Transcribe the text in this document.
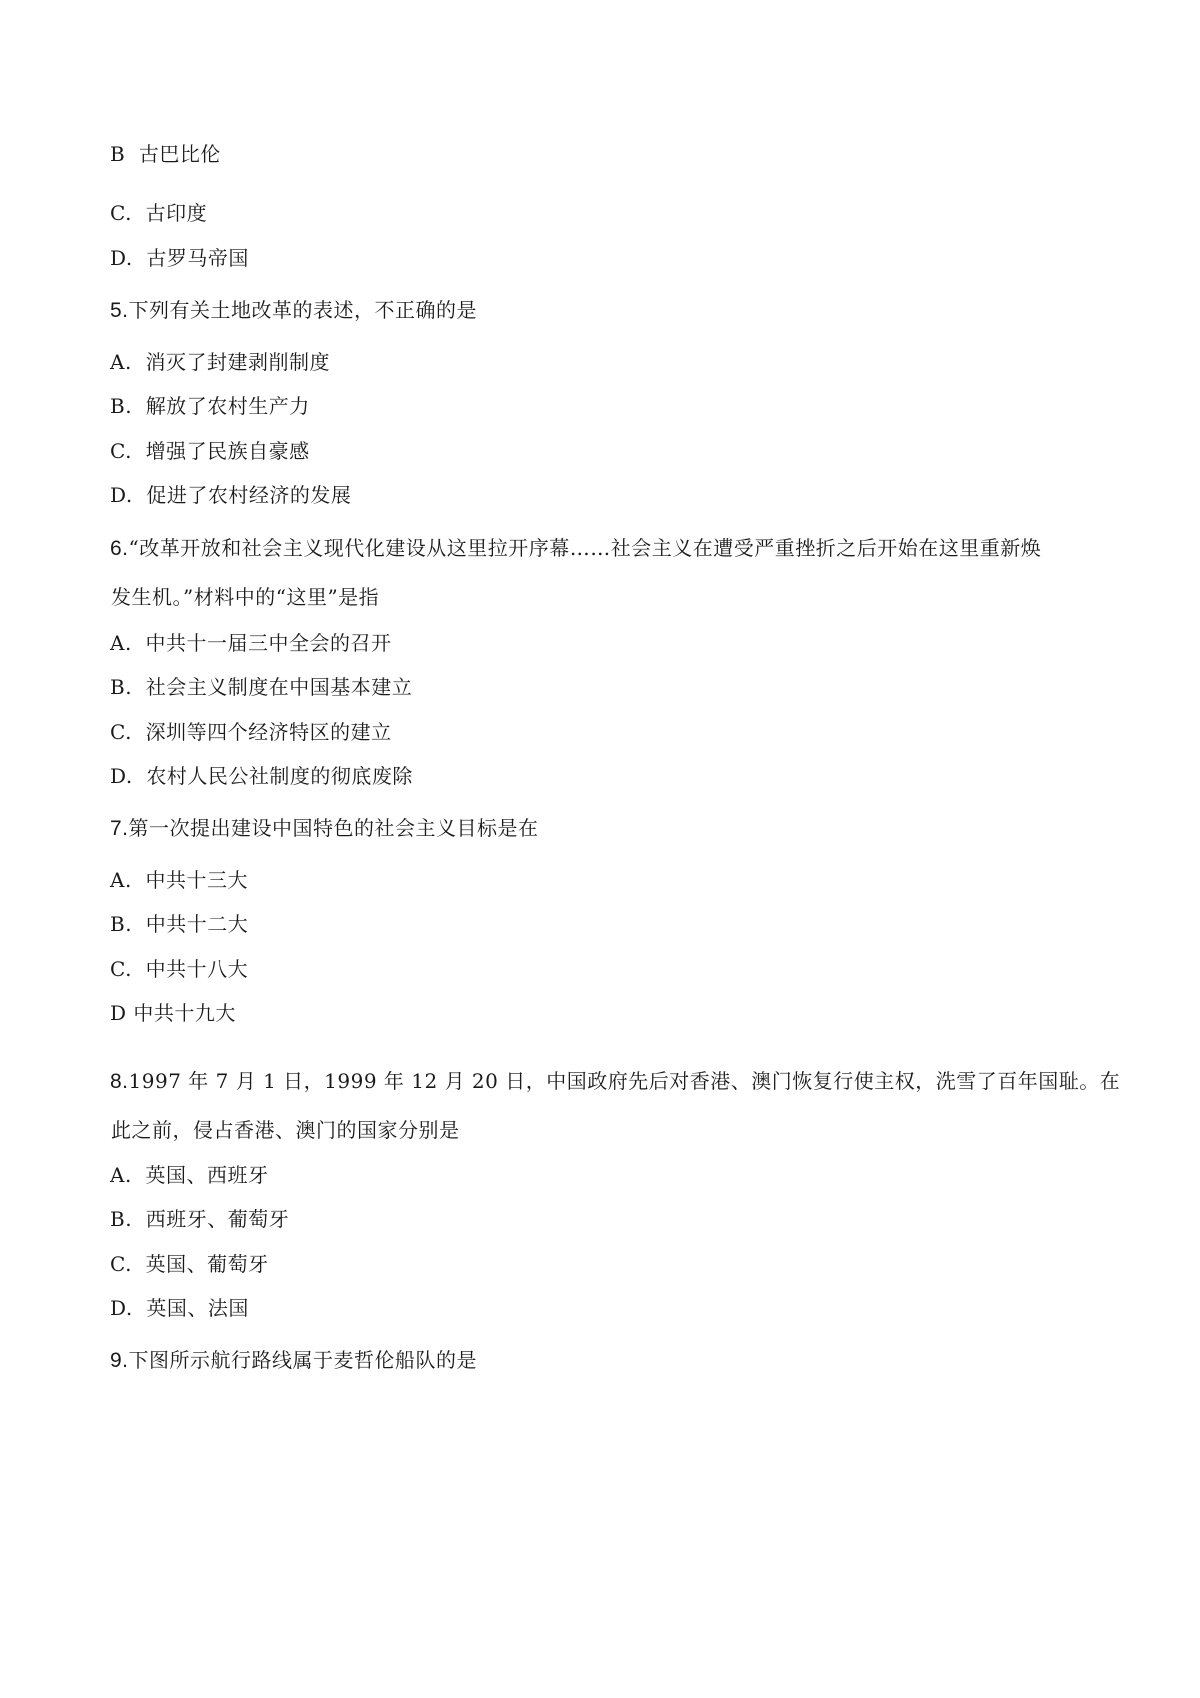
B 古巴比伦
C. 古印度
D. 古罗马帝国
5.下列有关土地改革的表述，不正确的是
A. 消灭了封建剥削制度
B. 解放了农村生产力
C. 增强了民族自豪感
D. 促进了农村经济的发展
6.“改革开放和社会主义现代化建设从这里拉开序幕……社会主义在遭受严重挫折之后开始在这里重新焕
发生机。”材料中的“这里”是指
A. 中共十一届三中全会的召开
B. 社会主义制度在中国基本建立
C. 深圳等四个经济特区的建立
D. 农村人民公社制度的彻底废除
7.第一次提出建设中国特色的社会主义目标是在
A. 中共十三大
B. 中共十二大
C. 中共十八大
D 中共十九大
8.1997 年 7 月 1 日，1999 年 12 月 20 日，中国政府先后对香港、澳门恢复行使主权，洗雪了百年国耻。在
此之前，侵占香港、澳门的国家分别是
A. 英国、西班牙
B. 西班牙、葡萄牙
C. 英国、葡萄牙
D. 英国、法国
9.下图所示航行路线属于麦哲伦船队的是
